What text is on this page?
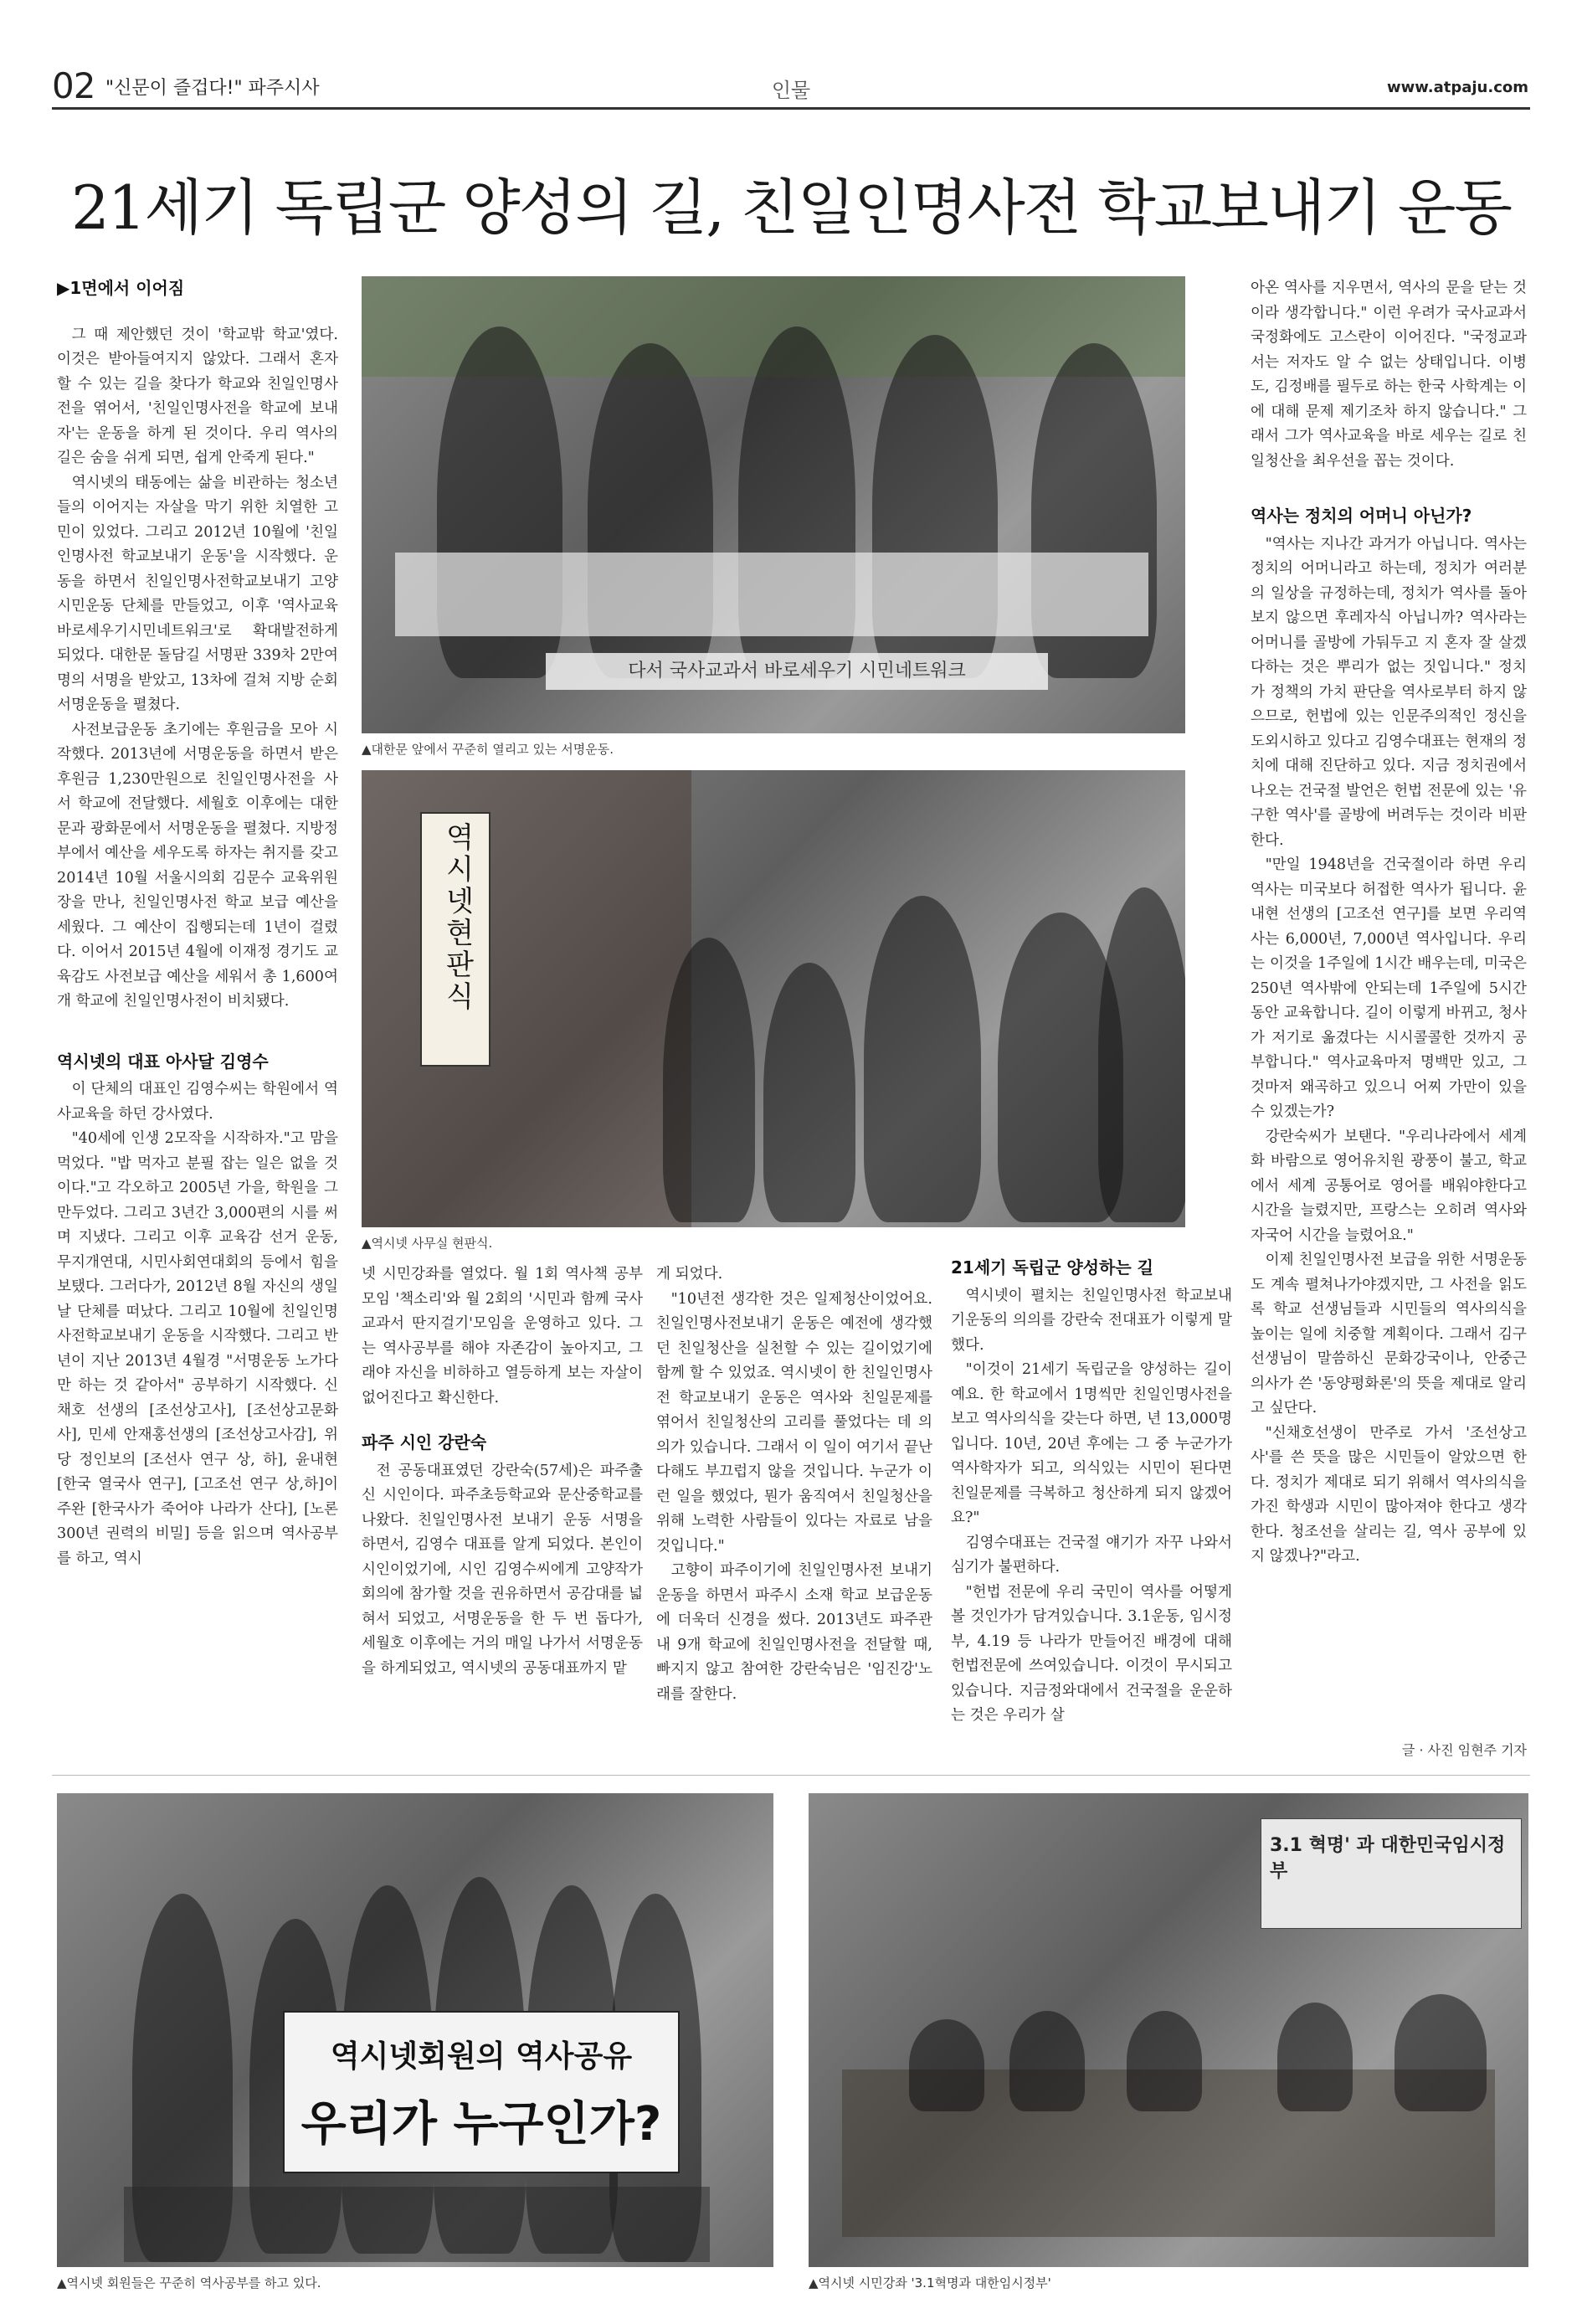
02 "신문이 즐겁다!" 파주시사	인물	www.atpaju.com
21세기 독립군 양성의 길, 친일인명사전 학교보내기 운동
▶1면에서 이어짐

그 때 제안했던 것이 '학교밖 학교'였다. 이것은 받아들여지지 않았다. 그래서 혼자 할 수 있는 길을 찾다가 학교와 친일인명사전을 엮어서, '친일인명사전을 학교에 보내자'는 운동을 하게 된 것이다. 우리 역사의 길은 숨을 쉬게 되면, 쉽게 안죽게 된다."

역시넷의 태동에는 삶을 비관하는 청소년들의 이어지는 자살을 막기 위한 치열한 고민이 있었다. 그리고 2012년 10월에 '친일인명사전 학교보내기 운동'을 시작했다. 운동을 하면서 친일인명사전학교보내기 고양시민운동 단체를 만들었고, 이후 '역사교육바로세우기시민네트워크'로 확대발전하게 되었다. 대한문 돌담길 서명판 339차 2만여명의 서명을 받았고, 13차에 걸쳐 지방 순회 서명운동을 펼쳤다.

사전보급운동 초기에는 후원금을 모아 시작했다. 2013년에 서명운동을 하면서 받은 후원금 1,230만원으로 친일인명사전을 사서 학교에 전달했다. 세월호 이후에는 대한문과 광화문에서 서명운동을 펼쳤다. 지방정부에서 예산을 세우도록 하자는 취지를 갖고 2014년 10월 서울시의회 김문수 교육위원장을 만나, 친일인명사전 학교 보급 예산을 세웠다. 그 예산이 집행되는데 1년이 걸렸다. 이어서 2015년 4월에 이재정 경기도 교육감도 사전보급 예산을 세워서 총 1,600여개 학교에 친일인명사전이 비치됐다.

역시넷의 대표 아사달 김영수

이 단체의 대표인 김영수씨는 학원에서 역사교육을 하던 강사였다.

"40세에 인생 2모작을 시작하자."고 맘을 먹었다. "밥 먹자고 분필 잡는 일은 없을 것이다."고 각오하고 2005년 가을, 학원을 그만두었다. 그리고 3년간 3,000편의 시를 써며 지냈다. 그리고 이후 교육감 선거 운동, 무지개연대, 시민사회연대회의 등에서 힘을 보탰다. 그러다가, 2012년 8월 자신의 생일날 단체를 떠났다. 그리고 10월에 친일인명사전학교보내기 운동을 시작했다. 그리고 반년이 지난 2013년 4월경 "서명운동 노가다만 하는 것 같아서" 공부하기 시작했다. 신채호 선생의 [조선상고사], [조선상고문화사], 민세 안재홍선생의 [조선상고사감], 위당 정인보의 [조선사 연구 상, 하], 윤내현 [한국 열국사 연구], [고조선 연구 상,하]이주완 [한국사가 죽어야 나라가 산다], [노론 300년 권력의 비밀] 등을 읽으며 역사공부를 하고, 역시

다서 국사교과서 바로세우기 시민네트워크
▲대한문 앞에서 꾸준히 열리고 있는 서명운동.
역시넷현판식
▲역시넷 사무실 현판식.

넷 시민강좌를 열었다. 월 1회 역사책 공부모임 '책소리'와 월 2회의 '시민과 함께 국사교과서 딴지걸기'모임을 운영하고 있다. 그는 역사공부를 해야 자존감이 높아지고, 그래야 자신을 비하하고 열등하게 보는 자살이 없어진다고 확신한다.

파주 시인 강란숙

전 공동대표였던 강란숙(57세)은 파주출신 시인이다. 파주초등학교와 문산중학교를 나왔다. 친일인명사전 보내기 운동 서명을 하면서, 김영수 대표를 알게 되었다. 본인이 시인이었기에, 시인 김영수씨에게 고양작가회의에 참가할 것을 권유하면서 공감대를 넓혀서 되었고, 서명운동을 한 두 번 돕다가, 세월호 이후에는 거의 매일 나가서 서명운동을 하게되었고, 역시넷의 공동대표까지 맡

게 되었다.

"10년전 생각한 것은 일제청산이었어요. 친일인명사전보내기 운동은 예전에 생각했던 친일청산을 실천할 수 있는 길이었기에 함께 할 수 있었죠. 역시넷이 한 친일인명사전 학교보내기 운동은 역사와 친일문제를 엮어서 친일청산의 고리를 풀었다는 데 의의가 있습니다. 그래서 이 일이 여기서 끝난다해도 부끄럽지 않을 것입니다. 누군가 이런 일을 했었다, 뭔가 움직여서 친일청산을 위해 노력한 사람들이 있다는 자료로 남을 것입니다."

고향이 파주이기에 친일인명사전 보내기 운동을 하면서 파주시 소재 학교 보급운동에 더욱더 신경을 썼다. 2013년도 파주관내 9개 학교에 친일인명사전을 전달할 때, 빠지지 않고 참여한 강란숙님은 '임진강'노래를 잘한다.

21세기 독립군 양성하는 길

역시넷이 펼치는 친일인명사전 학교보내기운동의 의의를 강란숙 전대표가 이렇게 말했다.

"이것이 21세기 독립군을 양성하는 길이예요. 한 학교에서 1명씩만 친일인명사전을 보고 역사의식을 갖는다 하면, 년 13,000명입니다. 10년, 20년 후에는 그 중 누군가가 역사학자가 되고, 의식있는 시민이 된다면 친일문제를 극복하고 청산하게 되지 않겠어요?"

김영수대표는 건국절 얘기가 자꾸 나와서 심기가 불편하다.

"헌법 전문에 우리 국민이 역사를 어떻게 볼 것인가가 담겨있습니다. 3.1운동, 임시정부, 4.19 등 나라가 만들어진 배경에 대해 헌법전문에 쓰여있습니다. 이것이 무시되고 있습니다. 지금정와대에서 건국절을 운운하는 것은 우리가 살

아온 역사를 지우면서, 역사의 문을 닫는 것이라 생각합니다." 이런 우려가 국사교과서 국정화에도 고스란이 이어진다. "국정교과서는 저자도 알 수 없는 상태입니다. 이병도, 김정배를 필두로 하는 한국 사학계는 이에 대해 문제 제기조차 하지 않습니다." 그래서 그가 역사교육을 바로 세우는 길로 친일청산을 최우선을 꼽는 것이다.

역사는 정치의 어머니 아닌가?

"역사는 지나간 과거가 아닙니다. 역사는 정치의 어머니라고 하는데, 정치가 여러분의 일상을 규정하는데, 정치가 역사를 돌아보지 않으면 후레자식 아닙니까? 역사라는 어머니를 골방에 가둬두고 지 혼자 잘 살겠다하는 것은 뿌리가 없는 짓입니다." 정치가 정책의 가치 판단을 역사로부터 하지 않으므로, 헌법에 있는 인문주의적인 정신을 도외시하고 있다고 김영수대표는 현재의 정치에 대해 진단하고 있다. 지금 정치권에서 나오는 건국절 발언은 헌법 전문에 있는 '유구한 역사'를 골방에 버려두는 것이라 비판한다.

"만일 1948년을 건국절이라 하면 우리역사는 미국보다 허접한 역사가 됩니다. 윤내현 선생의 [고조선 연구]를 보면 우리역사는 6,000년, 7,000년 역사입니다. 우리는 이것을 1주일에 1시간 배우는데, 미국은 250년 역사밖에 안되는데 1주일에 5시간동안 교육합니다. 길이 이렇게 바뀌고, 청사가 저기로 옮겼다는 시시콜콜한 것까지 공부합니다." 역사교육마저 명백만 있고, 그것마저 왜곡하고 있으니 어찌 가만이 있을 수 있겠는가?

강란숙씨가 보탠다. "우리나라에서 세계화 바람으로 영어유치원 광풍이 불고, 학교에서 세계 공통어로 영어를 배워야한다고 시간을 늘렸지만, 프랑스는 오히려 역사와 자국어 시간을 늘렸어요."

이제 친일인명사전 보급을 위한 서명운동도 계속 펼쳐나가야겠지만, 그 사전을 읽도록 학교 선생님들과 시민들의 역사의식을 높이는 일에 치중할 계획이다. 그래서 김구선생님이 말씀하신 문화강국이나, 안중근 의사가 쓴 '동양평화론'의 뜻을 제대로 알리고 싶단다.

"신채호선생이 만주로 가서 '조선상고사'를 쓴 뜻을 많은 시민들이 알았으면 한다. 정치가 제대로 되기 위해서 역사의식을 가진 학생과 시민이 많아져야 한다고 생각한다. 청조선을 살리는 길, 역사 공부에 있지 않겠나?"라고.

글 · 사진 임현주 기자
역시넷회원의 역사공유
우리가 누구인가?
▲역시넷 회원들은 꾸준히 역사공부를 하고 있다.
3.1 혁명' 과 대한민국임시정부
▲역시넷 시민강좌 '3.1혁명과 대한임시정부'
